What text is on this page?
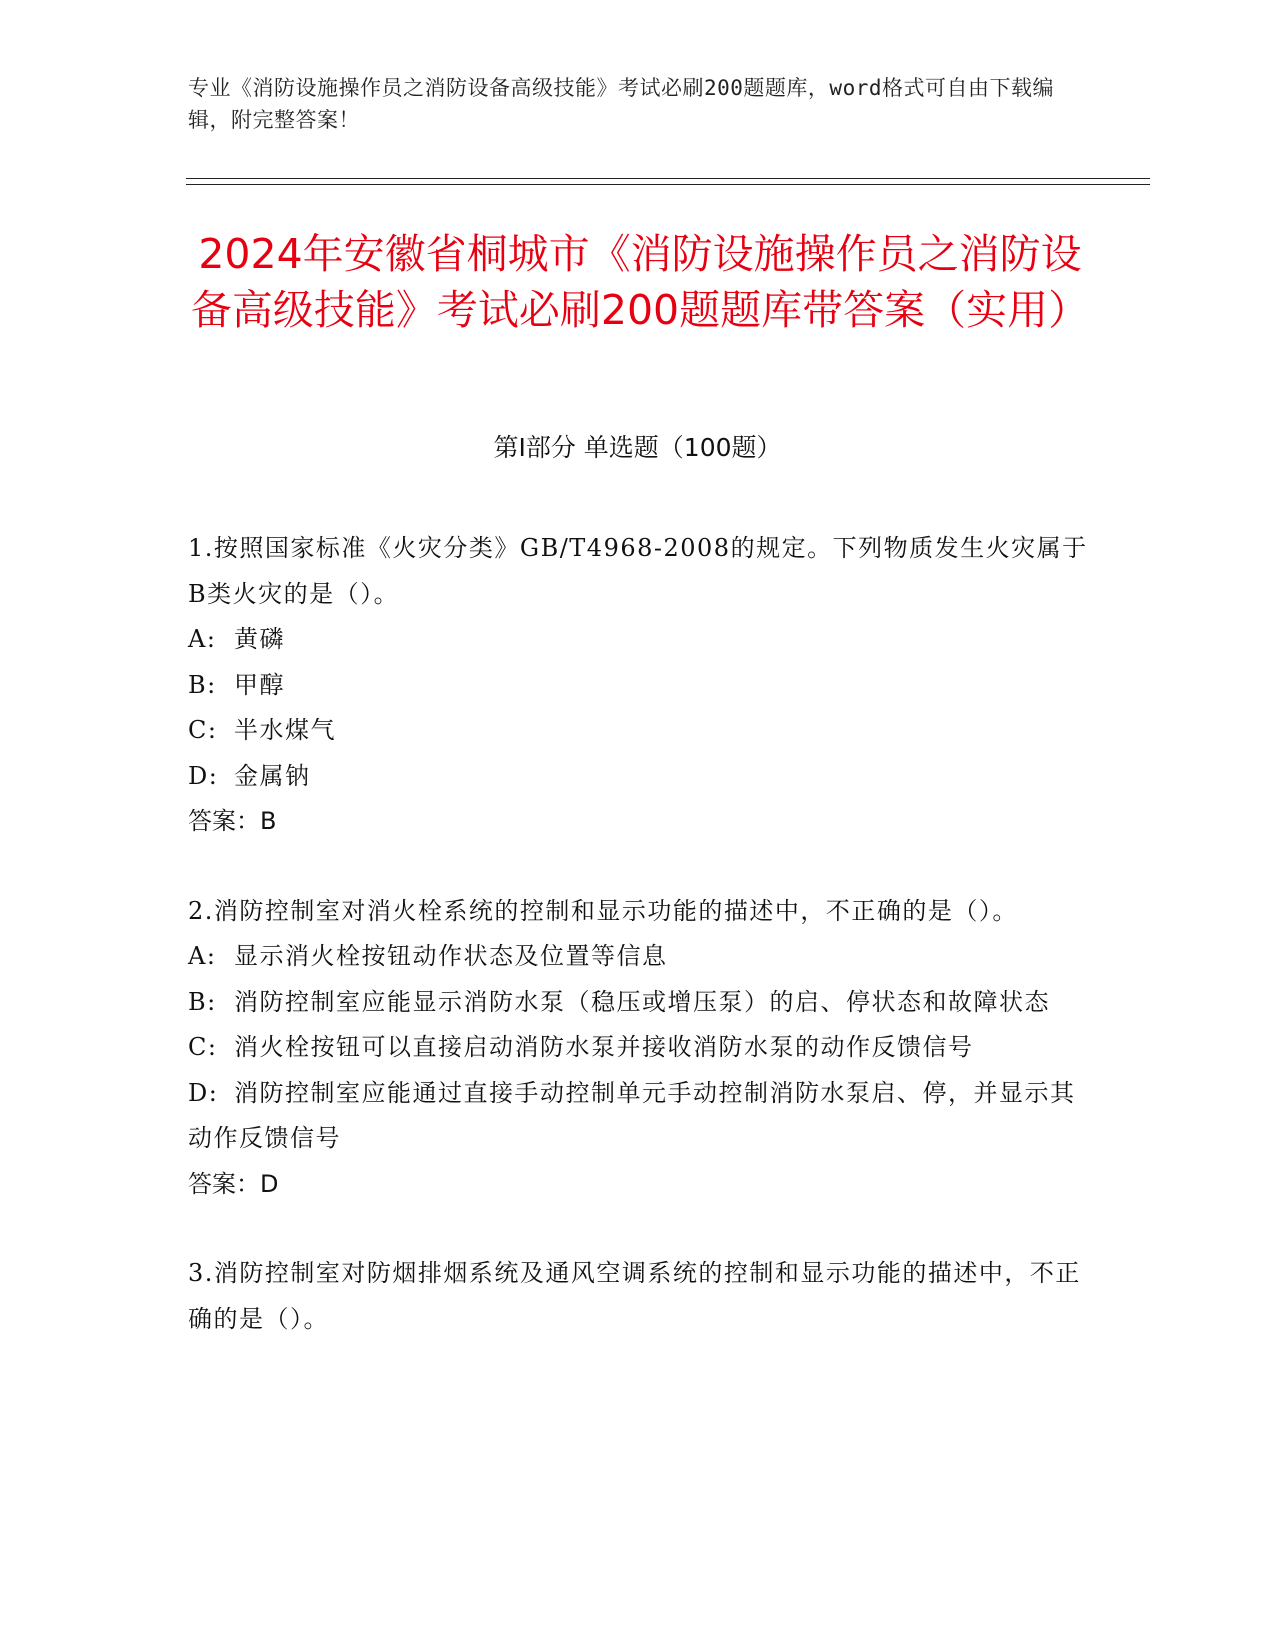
专业《消防设施操作员之消防设备高级技能》考试必刷200题题库，word格式可自由下载编辑，附完整答案！
2024年安徽省桐城市《消防设施操作员之消防设备高级技能》考试必刷200题题库带答案（实用）
第I部分 单选题（100题）

1.按照国家标准《火灾分类》GB/T4968-2008的规定。下列物质发生火灾属于B类火灾的是（）。

A: 黄磷

B: 甲醇

C: 半水煤气

D: 金属钠

答案：B

2.消防控制室对消火栓系统的控制和显示功能的描述中，不正确的是（）。

A: 显示消火栓按钮动作状态及位置等信息

B: 消防控制室应能显示消防水泵（稳压或增压泵）的启、停状态和故障状态

C: 消火栓按钮可以直接启动消防水泵并接收消防水泵的动作反馈信号

D: 消防控制室应能通过直接手动控制单元手动控制消防水泵启、停，并显示其动作反馈信号

答案：D

3.消防控制室对防烟排烟系统及通风空调系统的控制和显示功能的描述中，不正确的是（）。
